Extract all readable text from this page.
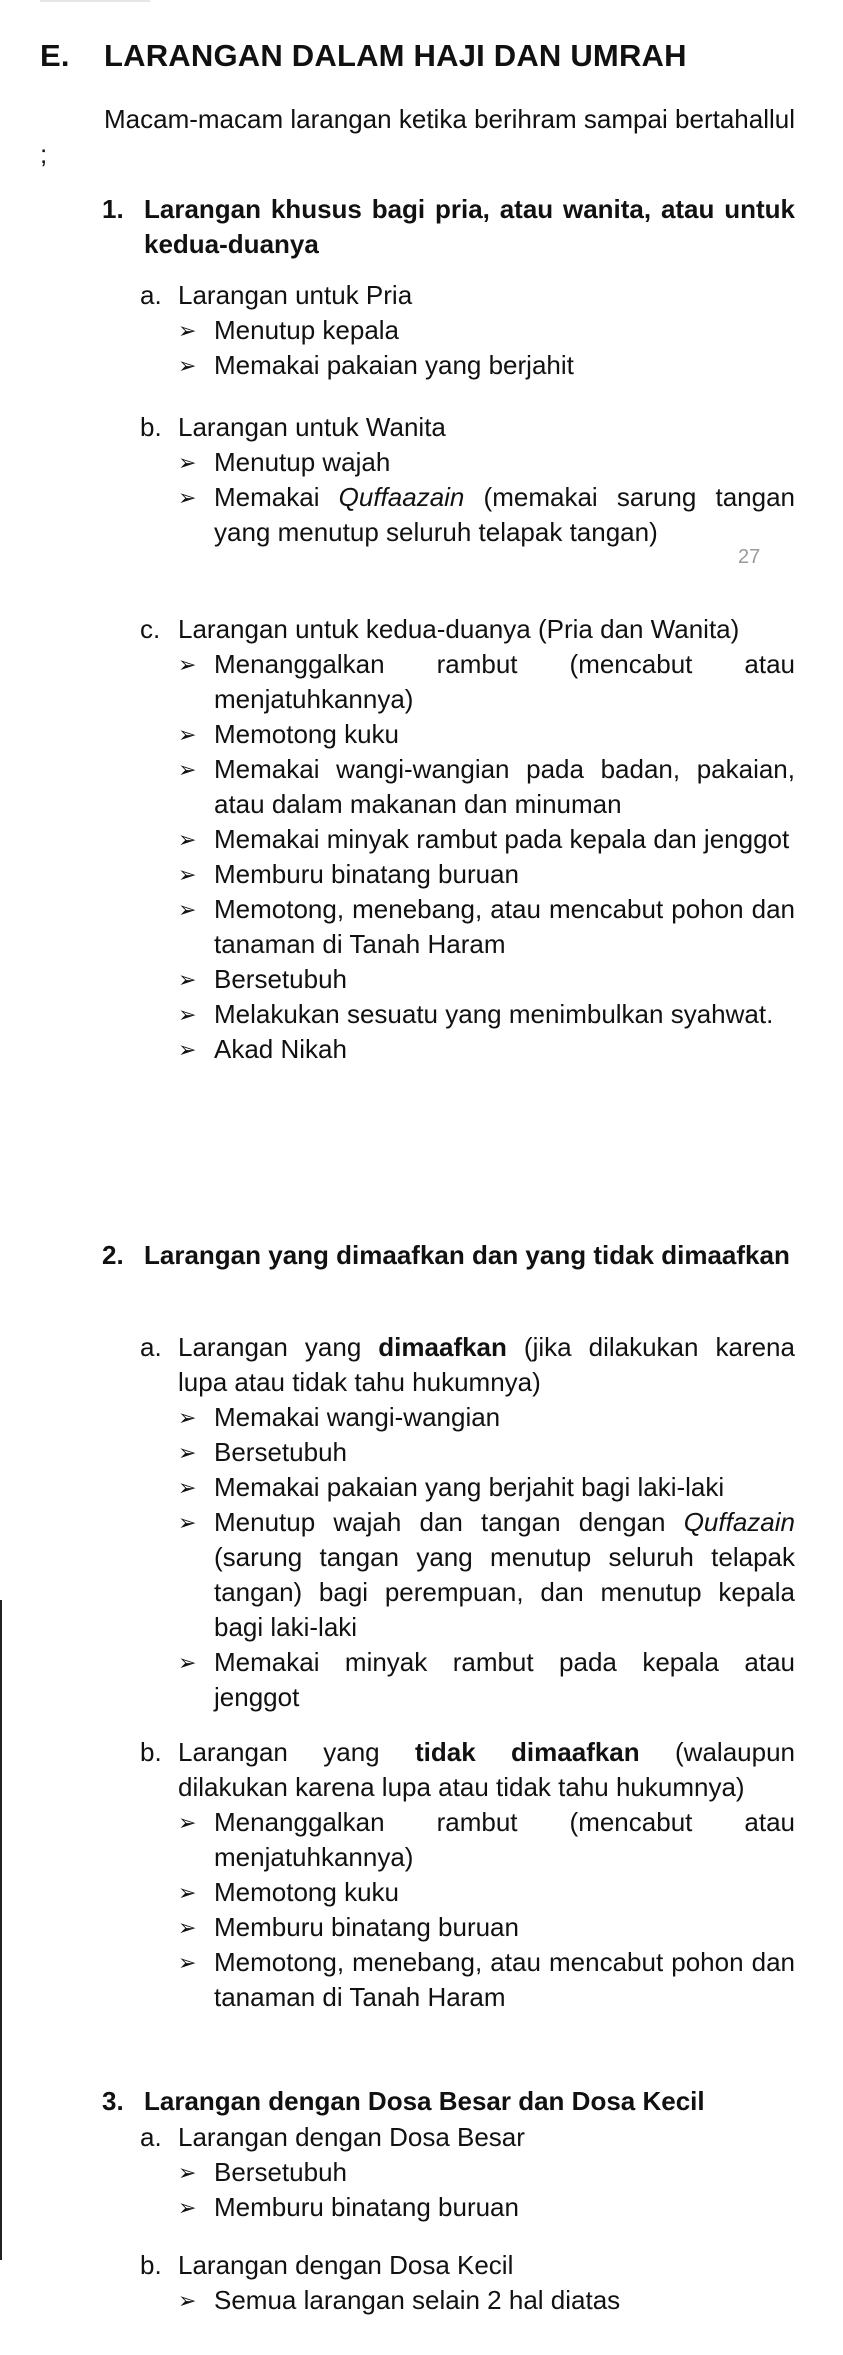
E. LARANGAN DALAM HAJI DAN UMRAH
Macam-macam larangan ketika berihram sampai bertahallul ;
1. Larangan khusus bagi pria, atau wanita, atau untuk kedua-duanya
a. Larangan untuk Pria
➢ Menutup kepala
➢ Memakai pakaian yang berjahit
b. Larangan untuk Wanita
➢ Menutup wajah
➢ Memakai Quffaazain (memakai sarung tangan yang menutup seluruh telapak tangan)
27
c. Larangan untuk kedua-duanya (Pria dan Wanita)
➢ Menanggalkan rambut (mencabut atau menjatuhkannya)
➢ Memotong kuku
➢ Memakai wangi-wangian pada badan, pakaian, atau dalam makanan dan minuman
➢ Memakai minyak rambut pada kepala dan jenggot
➢ Memburu binatang buruan
➢ Memotong, menebang, atau mencabut pohon dan tanaman di Tanah Haram
➢ Bersetubuh
➢ Melakukan sesuatu yang menimbulkan syahwat.
➢ Akad Nikah
2. Larangan yang dimaafkan dan yang tidak dimaafkan
a. Larangan yang dimaafkan (jika dilakukan karena lupa atau tidak tahu hukumnya)
➢ Memakai wangi-wangian
➢ Bersetubuh
➢ Memakai pakaian yang berjahit bagi laki-laki
➢ Menutup wajah dan tangan dengan Quffazain (sarung tangan yang menutup seluruh telapak tangan) bagi perempuan, dan menutup kepala bagi laki-laki
➢ Memakai minyak rambut pada kepala atau jenggot
b. Larangan yang tidak dimaafkan (walaupun dilakukan karena lupa atau tidak tahu hukumnya)
➢ Menanggalkan rambut (mencabut atau menjatuhkannya)
➢ Memotong kuku
➢ Memburu binatang buruan
➢ Memotong, menebang, atau mencabut pohon dan tanaman di Tanah Haram
3. Larangan dengan Dosa Besar dan Dosa Kecil
a. Larangan dengan Dosa Besar
➢ Bersetubuh
➢ Memburu binatang buruan
b. Larangan dengan Dosa Kecil
➢ Semua larangan selain 2 hal diatas
